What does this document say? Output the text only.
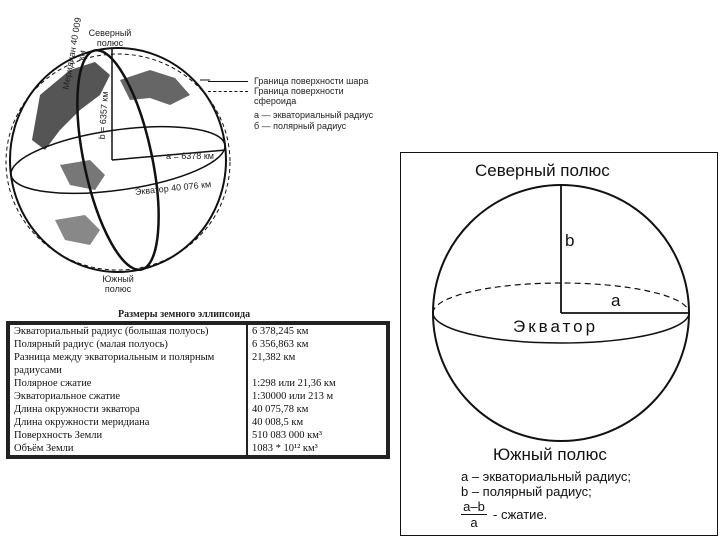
Северный
полюс
Меридиан 40 009 км
b = 6357 км
a = 6378 км
Экватор 40 076 км
Южный
полюс
Граница поверхности шара
Граница поверхности сфероида
а — экваториальный радиус
б — полярный радиус
Размеры земного эллипсоида
Экваториальный радиус (большая полуось)	6 378,245 км
Полярный радиус (малая полуось)	6 356,863 км
Разница между экваториальным и полярным радиусами	21,382 км
Полярное сжатие	1:298 или 21,36 км
Экваториальное сжатие	1:30000 или 213 м
Длина окружности экватора	40 075,78 км
Длина окружности меридиана	40 008,5 км
Поверхность Земли	510 083 000 км³
Объём Земли	1083 * 10¹² км³
Северный полюс
b
a
Экватор
Южный полюс
a – экваториальный радиус;
b – полярный радиус;
$\frac{a-b}{a}$ - сжатие.
